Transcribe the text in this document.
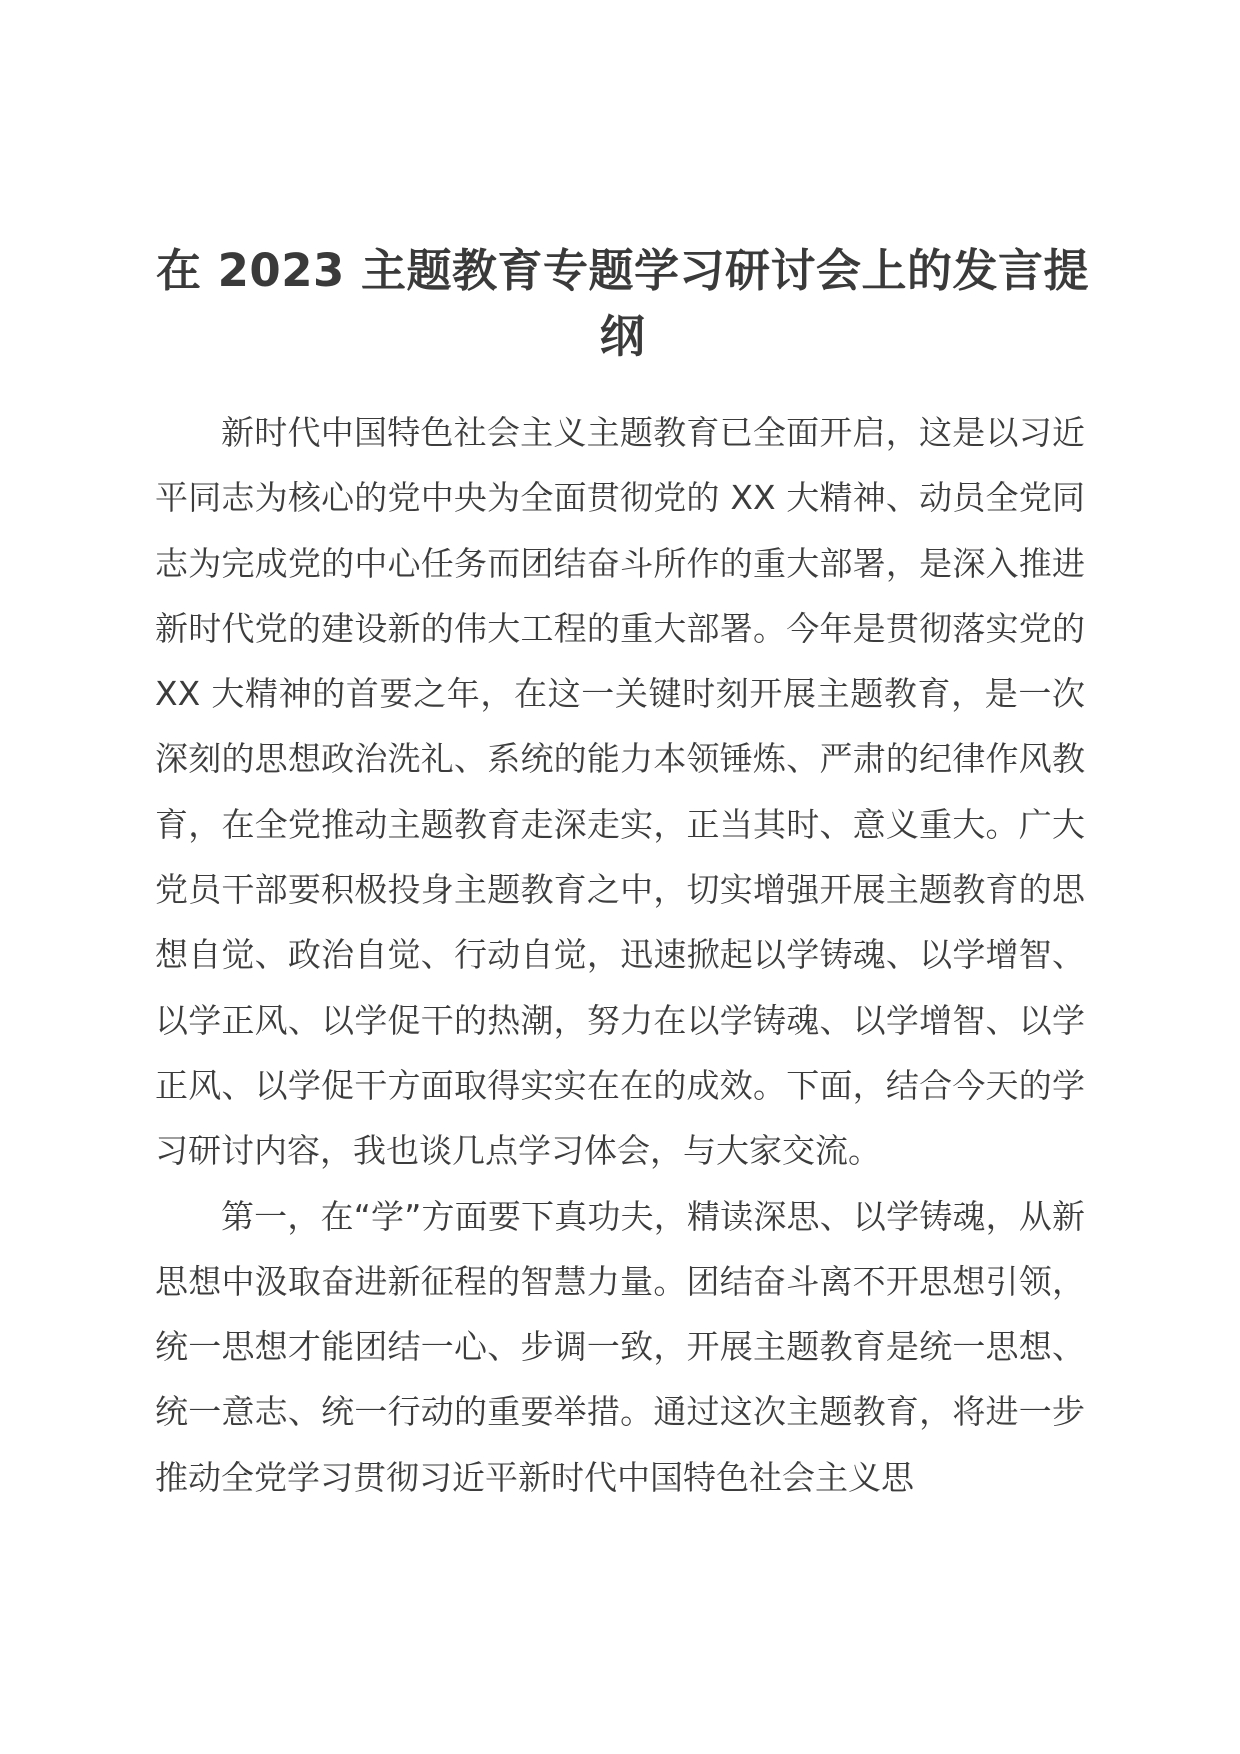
在 2023 主题教育专题学习研讨会上的发言提纲

新时代中国特色社会主义主题教育已全面开启，这是以习近平同志为核心的党中央为全面贯彻党的 XX 大精神、动员全党同志为完成党的中心任务而团结奋斗所作的重大部署，是深入推进新时代党的建设新的伟大工程的重大部署。今年是贯彻落实党的 XX 大精神的首要之年，在这一关键时刻开展主题教育，是一次深刻的思想政治洗礼、系统的能力本领锤炼、严肃的纪律作风教育，在全党推动主题教育走深走实，正当其时、意义重大。广大党员干部要积极投身主题教育之中，切实增强开展主题教育的思想自觉、政治自觉、行动自觉，迅速掀起以学铸魂、以学增智、以学正风、以学促干的热潮，努力在以学铸魂、以学增智、以学正风、以学促干方面取得实实在在的成效。下面，结合今天的学习研讨内容，我也谈几点学习体会，与大家交流。

第一，在“学”方面要下真功夫，精读深思、以学铸魂，从新思想中汲取奋进新征程的智慧力量。团结奋斗离不开思想引领，统一思想才能团结一心、步调一致，开展主题教育是统一思想、统一意志、统一行动的重要举措。通过这次主题教育，将进一步推动全党学习贯彻习近平新时代中国特色社会主义思
